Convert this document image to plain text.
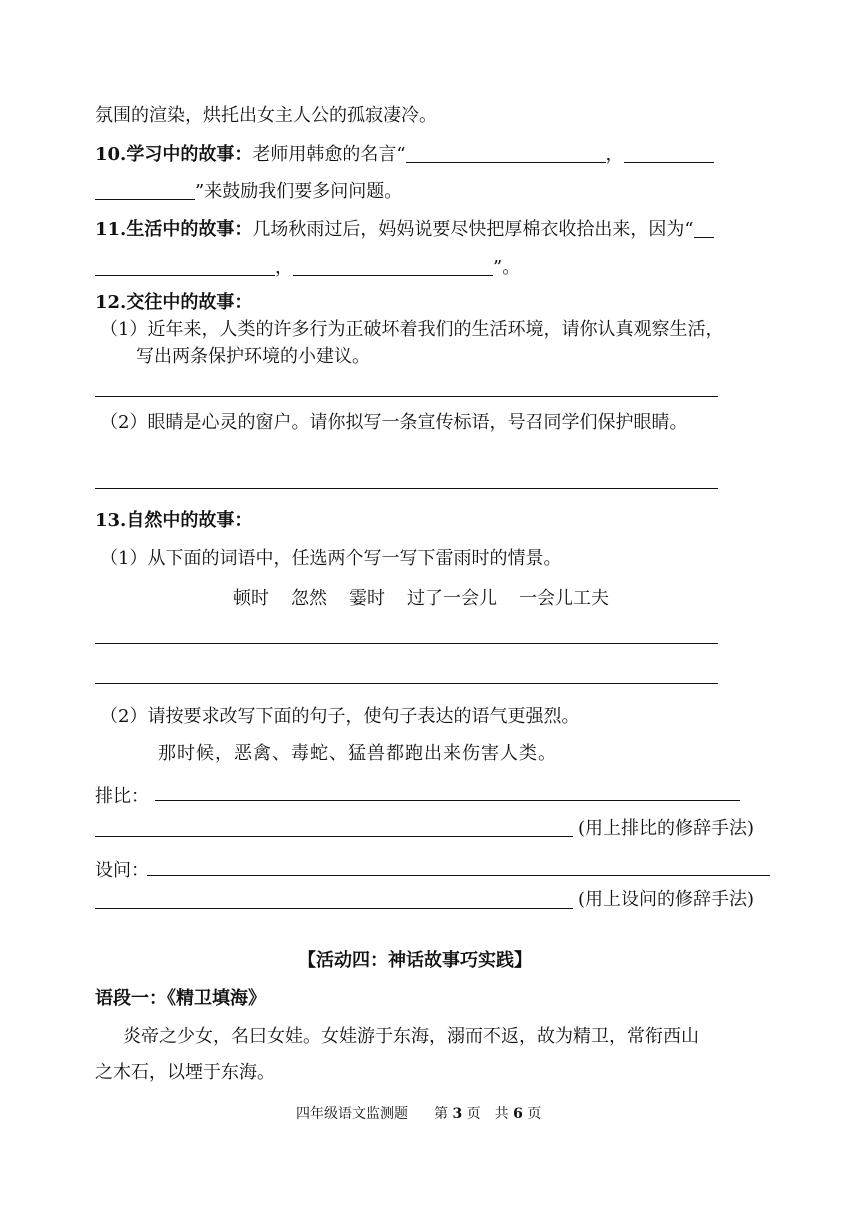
氛围的渲染，烘托出女主人公的孤寂凄冷。
10.学习中的故事：老师用韩愈的名言“	，
”来鼓励我们要多问问题。
11.生活中的故事：几场秋雨过后，妈妈说要尽快把厚棉衣收拾出来，因为“
，	”。
12.交往中的故事：
（1）近年来，人类的许多行为正破坏着我们的生活环境，请你认真观察生活，
写出两条保护环境的小建议。
（2）眼睛是心灵的窗户。请你拟写一条宣传标语，号召同学们保护眼睛。
13.自然中的故事：
（1）从下面的词语中，任选两个写一写下雷雨时的情景。
顿时 忽然 霎时 过了一会儿 一会儿工夫
（2）请按要求改写下面的句子，使句子表达的语气更强烈。
那时候，恶禽、毒蛇、猛兽都跑出来伤害人类。
排比：
(用上排比的修辞手法)
设问：
(用上设问的修辞手法)
【活动四：神话故事巧实践】
语段一：《精卫填海》
炎帝之少女，名曰女娃。女娃游于东海，溺而不返，故为精卫，常衔西山
之木石，以堙于东海。
四年级语文监测题 第 3 页　共 6 页
